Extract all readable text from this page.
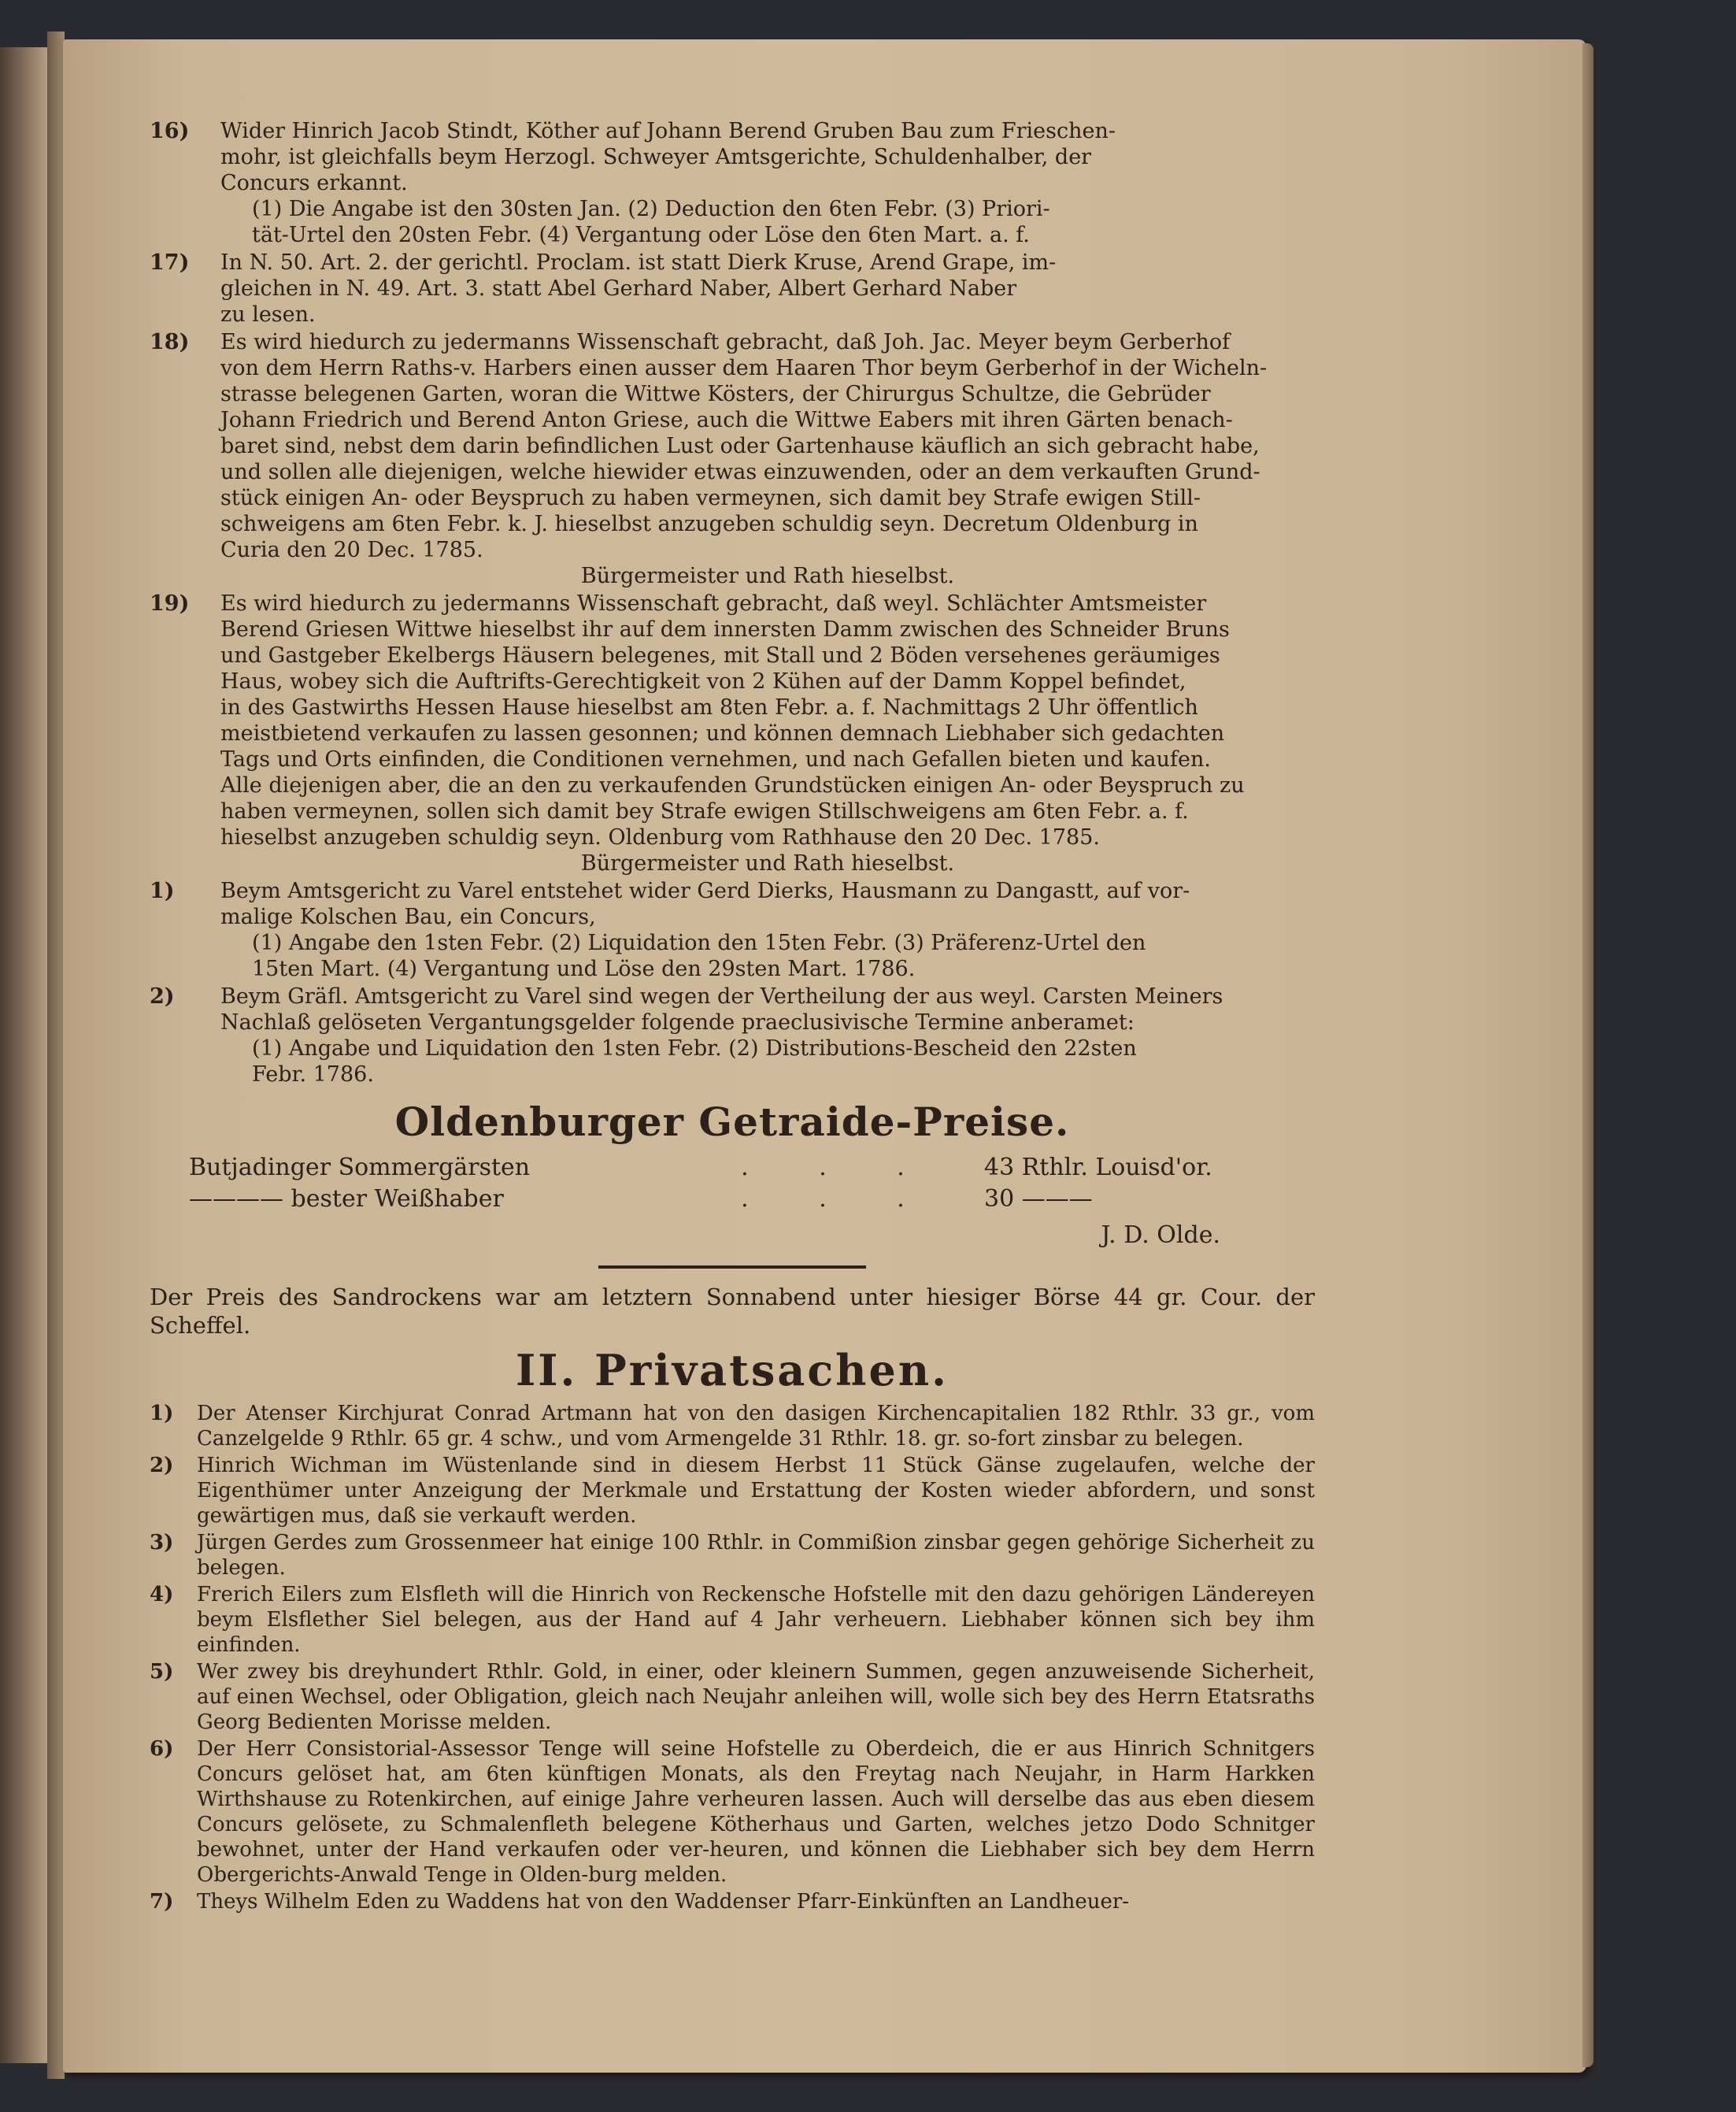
16) Wider Hinrich Jacob Stindt, Köther auf Johann Berend Gruben Bau zum Frieschen-

mohr, ist gleichfalls beym Herzogl. Schweyer Amtsgerichte, Schuldenhalber, der

Concurs erkannt.

(1) Die Angabe ist den 30sten Jan. (2) Deduction den 6ten Febr. (3) Priori-

tät-Urtel den 20sten Febr. (4) Vergantung oder Löse den 6ten Mart. a. f.

17) In N. 50. Art. 2. der gerichtl. Proclam. ist statt Dierk Kruse, Arend Grape, im-

gleichen in N. 49. Art. 3. statt Abel Gerhard Naber, Albert Gerhard Naber

zu lesen.

18) Es wird hiedurch zu jedermanns Wissenschaft gebracht, daß Joh. Jac. Meyer beym Gerberhof

von dem Herrn Raths-v. Harbers einen ausser dem Haaren Thor beym Gerberhof in der Wicheln-

strasse belegenen Garten, woran die Wittwe Kösters, der Chirurgus Schultze, die Gebrüder

Johann Friedrich und Berend Anton Griese, auch die Wittwe Eabers mit ihren Gärten benach-

baret sind, nebst dem darin befindlichen Lust oder Gartenhause käuflich an sich gebracht habe,

und sollen alle diejenigen, welche hiewider etwas einzuwenden, oder an dem verkauften Grund-

stück einigen An- oder Beyspruch zu haben vermeynen, sich damit bey Strafe ewigen Still-

schweigens am 6ten Febr. k. J. hieselbst anzugeben schuldig seyn. Decretum Oldenburg in

Curia den 20 Dec. 1785.

Bürgermeister und Rath hieselbst.

19) Es wird hiedurch zu jedermanns Wissenschaft gebracht, daß weyl. Schlächter Amtsmeister

Berend Griesen Wittwe hieselbst ihr auf dem innersten Damm zwischen des Schneider Bruns

und Gastgeber Ekelbergs Häusern belegenes, mit Stall und 2 Böden versehenes geräumiges

Haus, wobey sich die Auftrifts-Gerechtigkeit von 2 Kühen auf der Damm Koppel befindet,

in des Gastwirths Hessen Hause hieselbst am 8ten Febr. a. f. Nachmittags 2 Uhr öffentlich

meistbietend verkaufen zu lassen gesonnen; und können demnach Liebhaber sich gedachten

Tags und Orts einfinden, die Conditionen vernehmen, und nach Gefallen bieten und kaufen.

Alle diejenigen aber, die an den zu verkaufenden Grundstücken einigen An- oder Beyspruch zu

haben vermeynen, sollen sich damit bey Strafe ewigen Stillschweigens am 6ten Febr. a. f.

hieselbst anzugeben schuldig seyn. Oldenburg vom Rathhause den 20 Dec. 1785.

Bürgermeister und Rath hieselbst.

1) Beym Amtsgericht zu Varel entstehet wider Gerd Dierks, Hausmann zu Dangastt, auf vor-

malige Kolschen Bau, ein Concurs,

(1) Angabe den 1sten Febr. (2) Liquidation den 15ten Febr. (3) Präferenz-Urtel den

15ten Mart. (4) Vergantung und Löse den 29sten Mart. 1786.

2) Beym Gräfl. Amtsgericht zu Varel sind wegen der Vertheilung der aus weyl. Carsten Meiners

Nachlaß gelöseten Vergantungsgelder folgende praeclusivische Termine anberamet:

(1) Angabe und Liquidation den 1sten Febr. (2) Distributions-Bescheid den 22sten

Febr. 1786.

Oldenburger Getraide-Preise.
Butjadinger Sommergärsten	. . .	43 Rthlr. Louisd'or.
———— bester Weißhaber	. . .	30 ———
J. D. Olde.

Der Preis des Sandrockens war am letztern Sonnabend unter hiesiger Börse 44 gr. Cour. der Scheffel.

II. Privatsachen.
1) Der Atenser Kirchjurat Conrad Artmann hat von den dasigen Kirchencapitalien 182 Rthlr. 33 gr., vom Canzelgelde 9 Rthlr. 65 gr. 4 schw., und vom Armengelde 31 Rthlr. 18. gr. so-fort zinsbar zu belegen.

2) Hinrich Wichman im Wüstenlande sind in diesem Herbst 11 Stück Gänse zugelaufen, welche der Eigenthümer unter Anzeigung der Merkmale und Erstattung der Kosten wieder abfordern, und sonst gewärtigen mus, daß sie verkauft werden.

3) Jürgen Gerdes zum Grossenmeer hat einige 100 Rthlr. in Commißion zinsbar gegen gehörige Sicherheit zu belegen.

4) Frerich Eilers zum Elsfleth will die Hinrich von Reckensche Hofstelle mit den dazu gehörigen Ländereyen beym Elsflether Siel belegen, aus der Hand auf 4 Jahr verheuern. Liebhaber können sich bey ihm einfinden.

5) Wer zwey bis dreyhundert Rthlr. Gold, in einer, oder kleinern Summen, gegen anzuweisende Sicherheit, auf einen Wechsel, oder Obligation, gleich nach Neujahr anleihen will, wolle sich bey des Herrn Etatsraths Georg Bedienten Morisse melden.

6) Der Herr Consistorial-Assessor Tenge will seine Hofstelle zu Oberdeich, die er aus Hinrich Schnitgers Concurs gelöset hat, am 6ten künftigen Monats, als den Freytag nach Neujahr, in Harm Harkken Wirthshause zu Rotenkirchen, auf einige Jahre verheuren lassen. Auch will derselbe das aus eben diesem Concurs gelösete, zu Schmalenfleth belegene Kötherhaus und Garten, welches jetzo Dodo Schnitger bewohnet, unter der Hand verkaufen oder ver-heuren, und können die Liebhaber sich bey dem Herrn Obergerichts-Anwald Tenge in Olden-burg melden.

7) Theys Wilhelm Eden zu Waddens hat von den Waddenser Pfarr-Einkünften an Landheuer-
